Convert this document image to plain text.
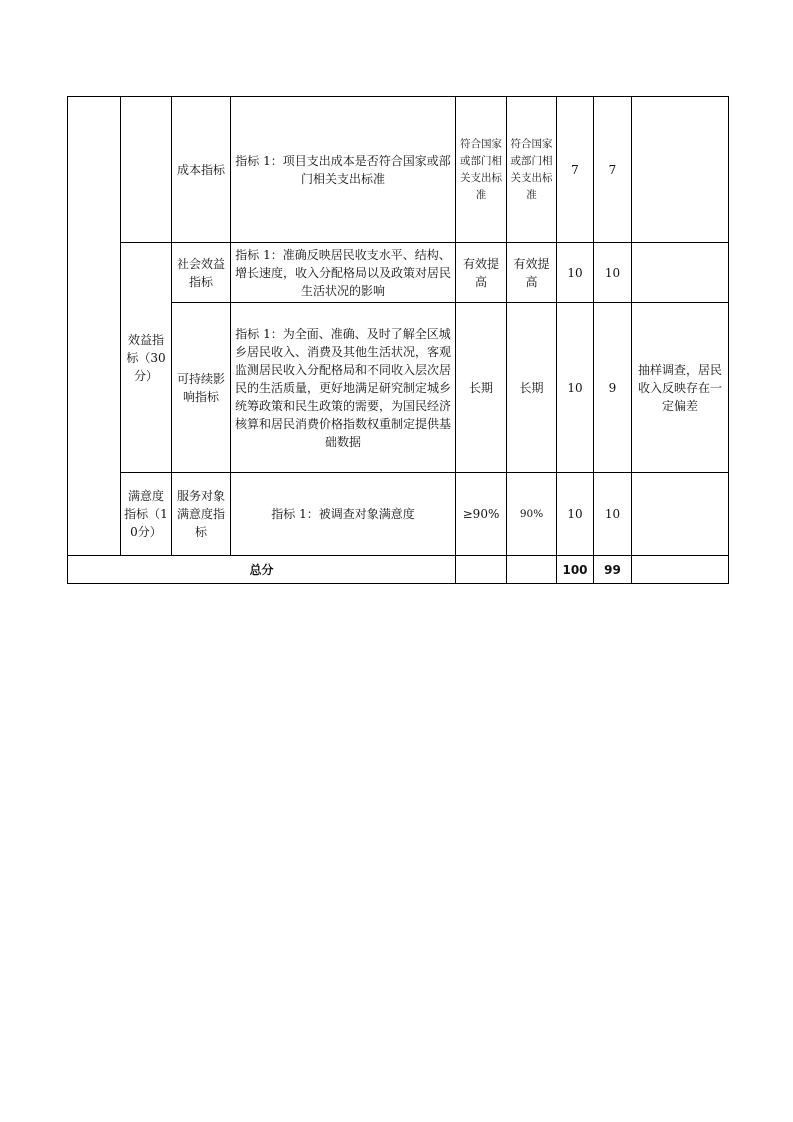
		成本指标	指标 1：项目支出成本是否符合国家或部门相关支出标准	符合国家或部门相关支出标准	符合国家或部门相关支出标准	7	7	
	效益指标（30分）	社会效益指标	指标 1：准确反映居民收支水平、结构、增长速度，收入分配格局以及政策对居民生活状况的影响	有效提高	有效提高	10	10	
		可持续影响指标	指标 1：为全面、准确、及时了解全区城乡居民收入、消费及其他生活状况，客观监测居民收入分配格局和不同收入层次居民的生活质量，更好地满足研究制定城乡统筹政策和民生政策的需要，为国民经济核算和居民消费价格指数权重制定提供基础数据	长期	长期	10	9	抽样调查，居民收入反映存在一定偏差
	满意度指标（10分）	服务对象满意度指标	指标 1：被调查对象满意度	≥90%	90%	10	10	
总分						100	99	
